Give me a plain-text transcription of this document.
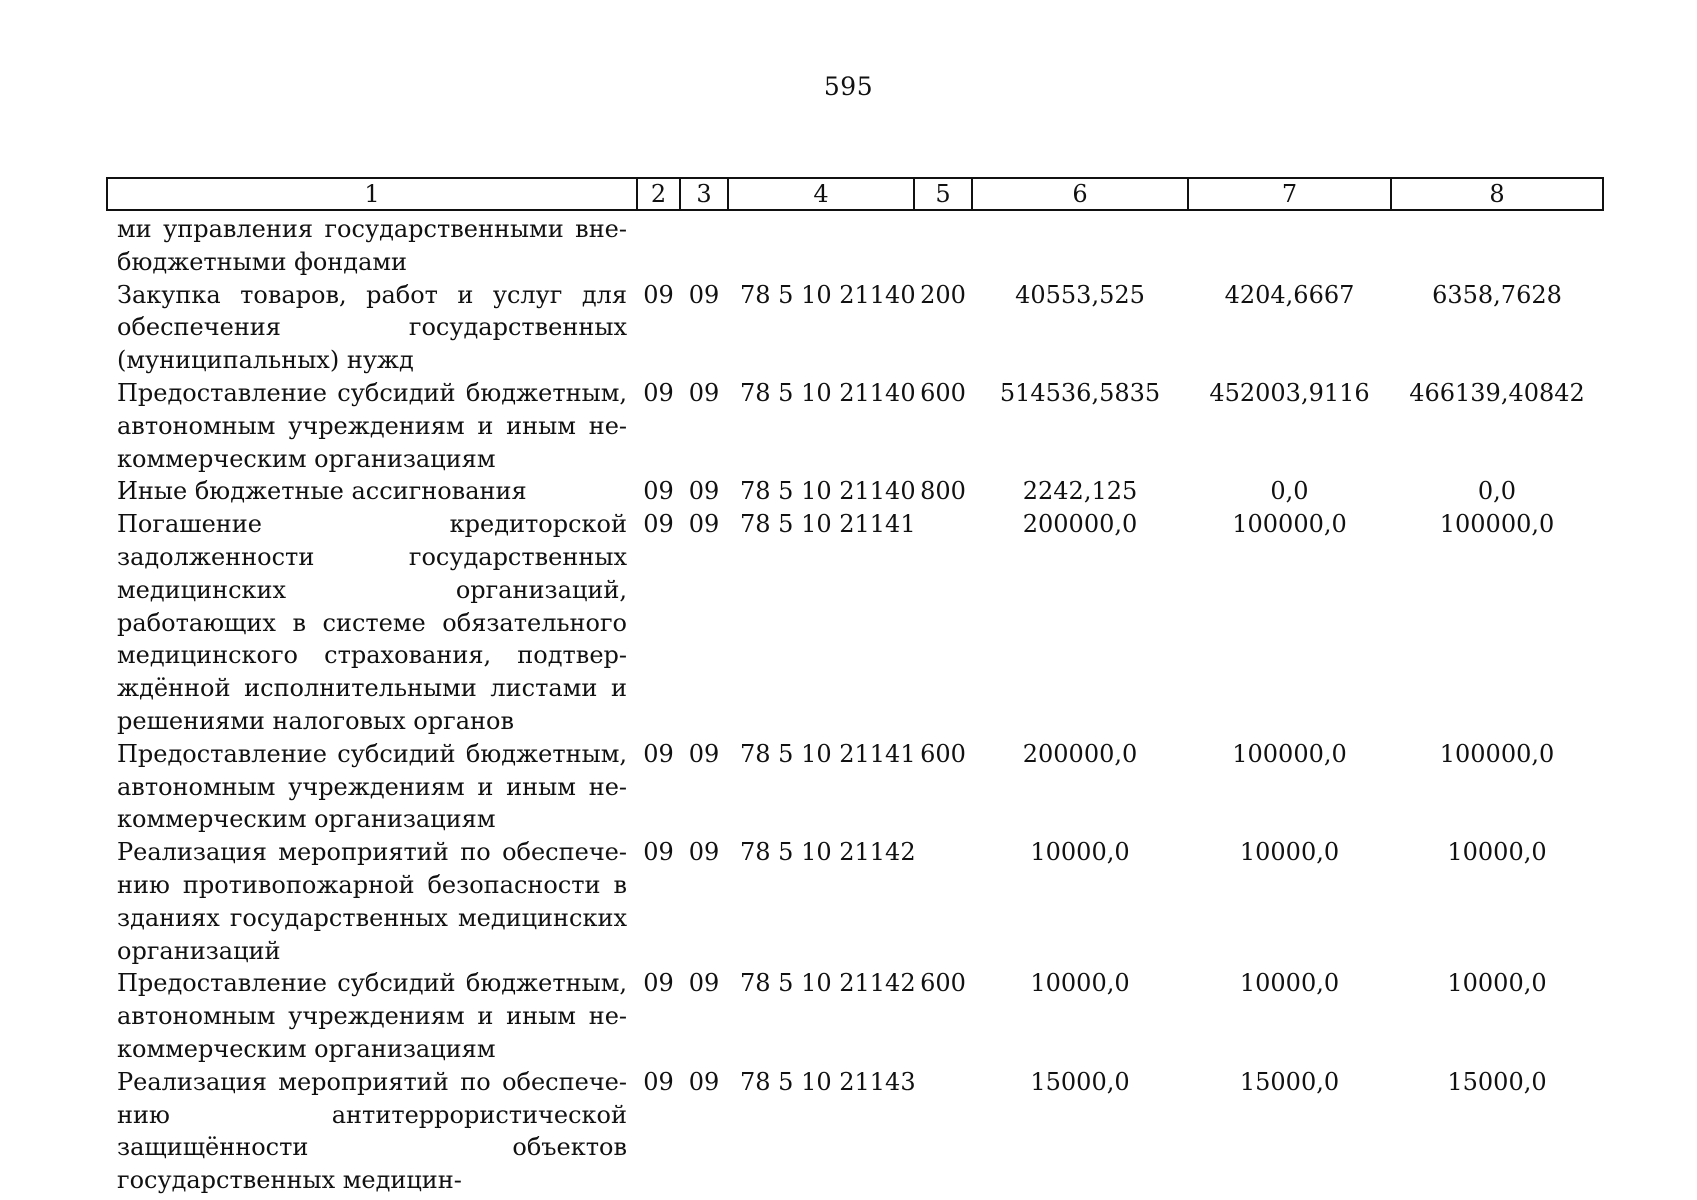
595
1	2	3	4	5	6	7	8
ми управления государственными внебюджетными фондами							
Закупка товаров, работ и услуг для обеспечения государственных (муниципальных) нужд	09	09	78 5 10 21140	200	40553,525	4204,6667	6358,7628
Предоставление субсидий бюджетным, автономным учреждениям и иным некоммерческим организациям	09	09	78 5 10 21140	600	514536,5835	452003,9116	466139,40842
Иные бюджетные ассигнования	09	09	78 5 10 21140	800	2242,125	0,0	0,0
Погашение кредиторской задолженности государственных медицинских организаций, работающих в системе обязательного медицинского страхования, подтверждённой исполнительными листами и решениями налоговых органов	09	09	78 5 10 21141		200000,0	100000,0	100000,0
Предоставление субсидий бюджетным, автономным учреждениям и иным некоммерческим организациям	09	09	78 5 10 21141	600	200000,0	100000,0	100000,0
Реализация мероприятий по обеспечению противопожарной безопасности в зданиях государственных медицинских организаций	09	09	78 5 10 21142		10000,0	10000,0	10000,0
Предоставление субсидий бюджетным, автономным учреждениям и иным некоммерческим организациям	09	09	78 5 10 21142	600	10000,0	10000,0	10000,0
Реализация мероприятий по обеспечению антитеррористической защищённости объектов государственных медицин-	09	09	78 5 10 21143		15000,0	15000,0	15000,0
